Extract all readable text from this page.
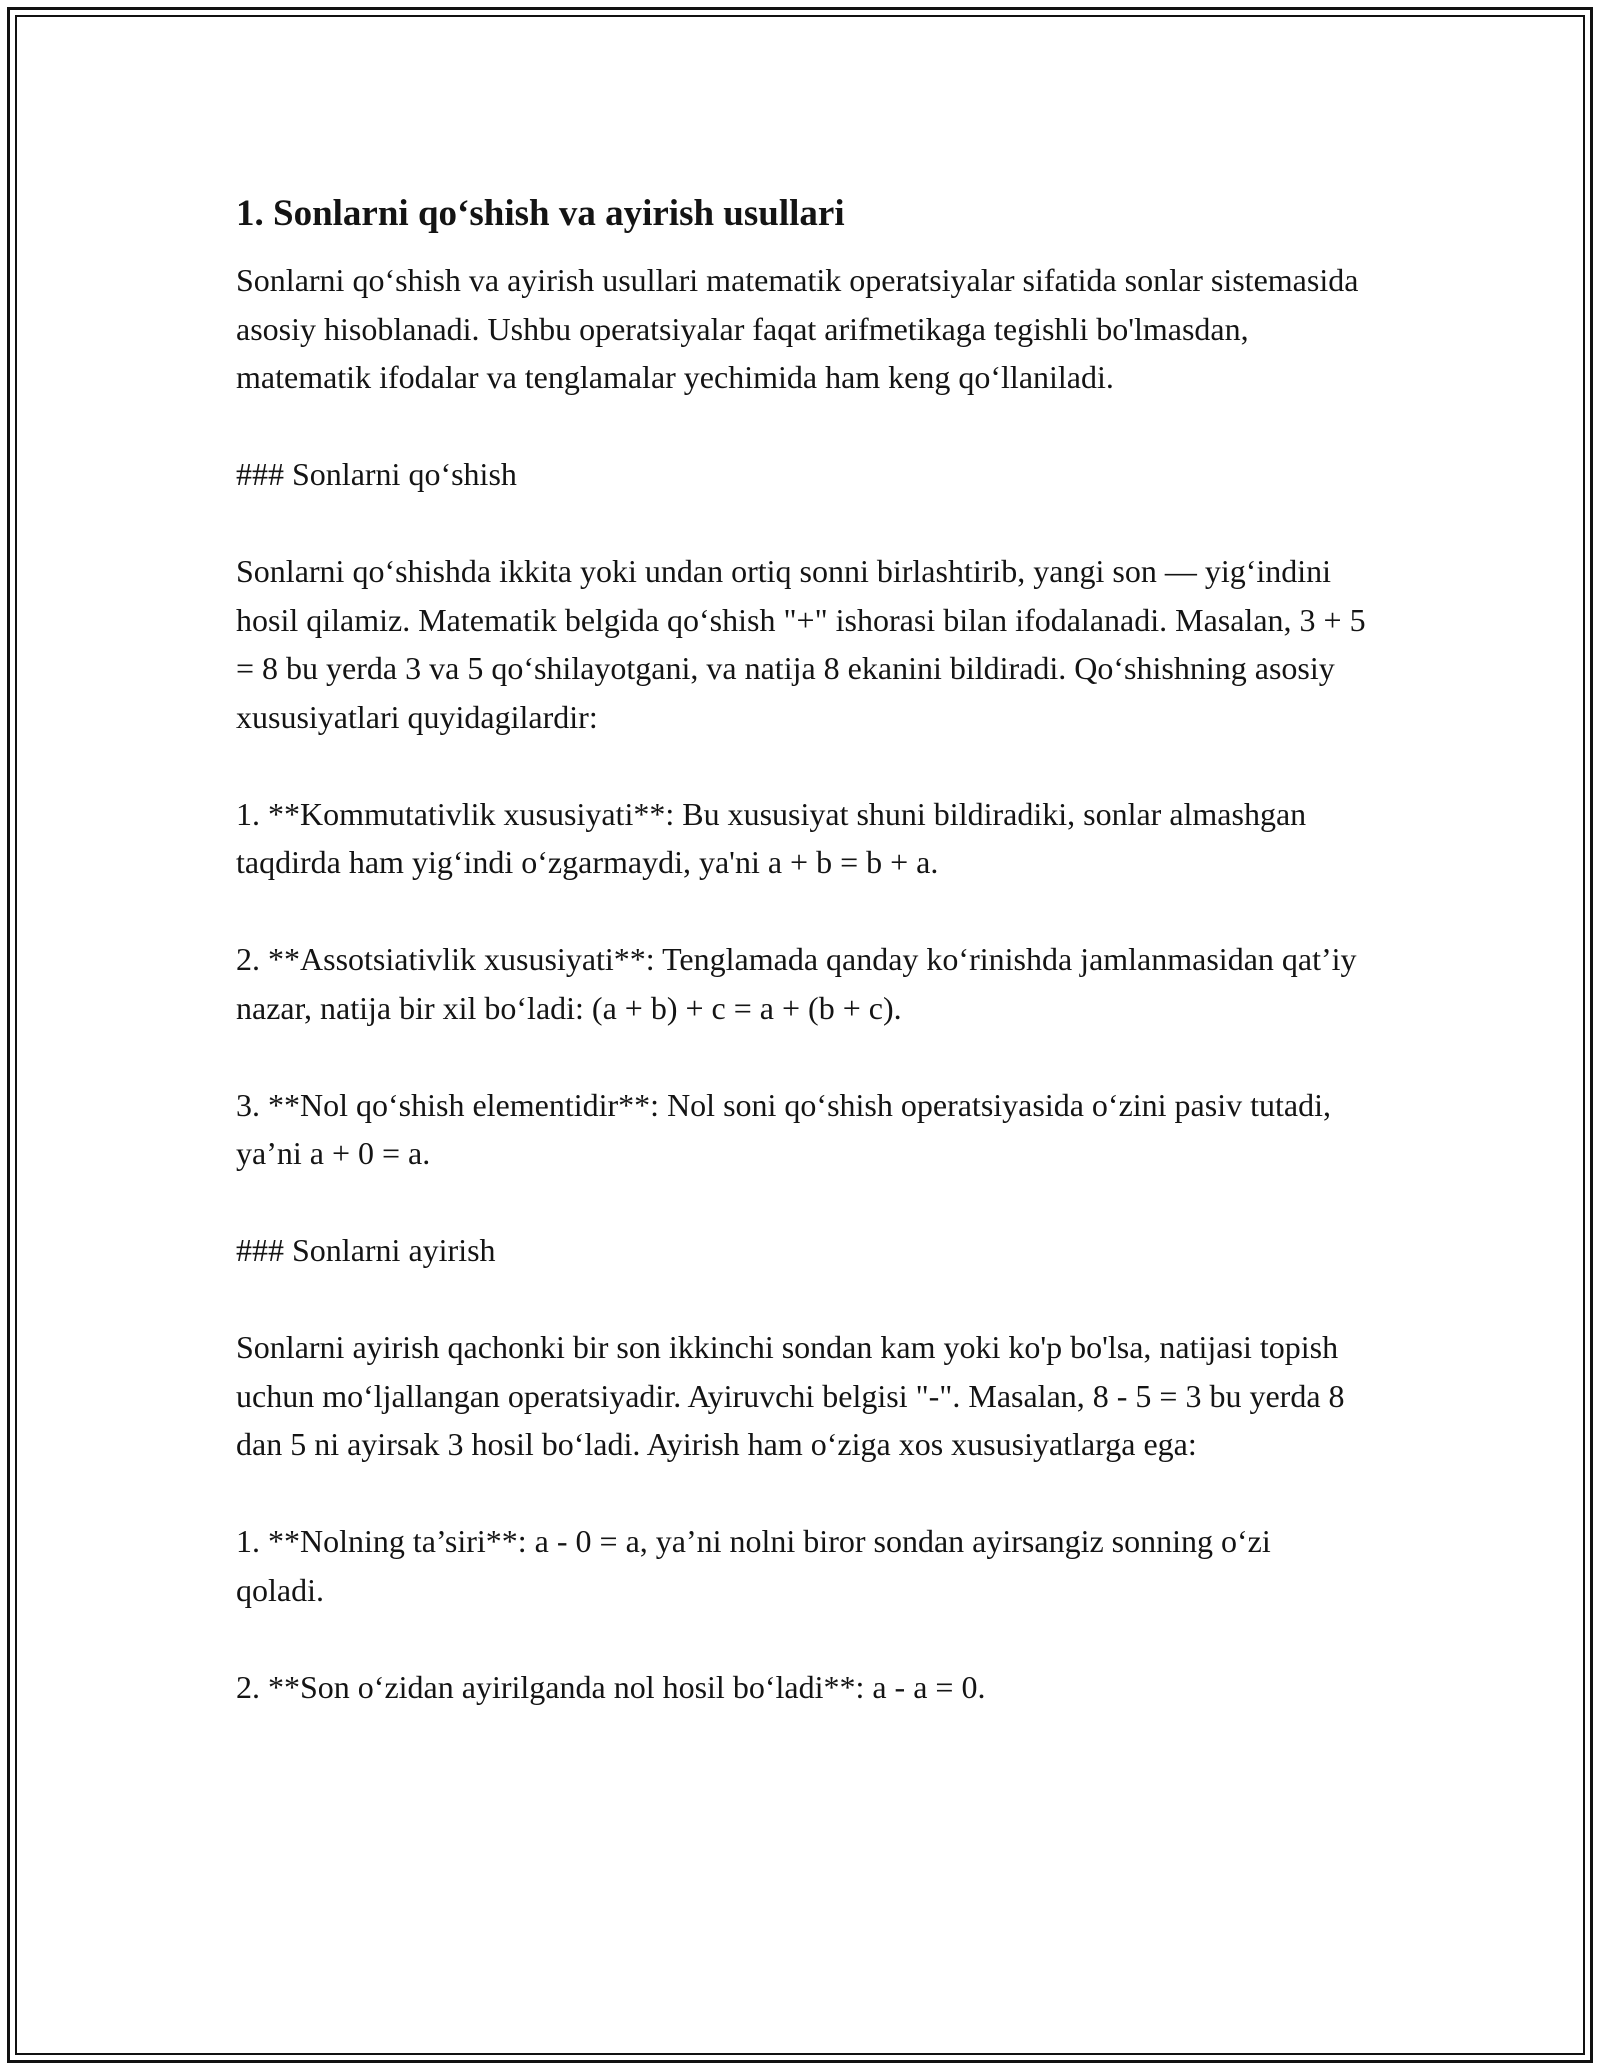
1. Sonlarni qo‘shish va ayirish usullari

Sonlarni qo‘shish va ayirish usullari matematik operatsiyalar sifatida sonlar sistemasida asosiy hisoblanadi. Ushbu operatsiyalar faqat arifmetikaga tegishli bo'lmasdan, matematik ifodalar va tenglamalar yechimida ham keng qo‘llaniladi.

### Sonlarni qo‘shish

Sonlarni qo‘shishda ikkita yoki undan ortiq sonni birlashtirib, yangi son — yig‘indini hosil qilamiz. Matematik belgida qo‘shish "+" ishorasi bilan ifodalanadi. Masalan, 3 + 5 = 8 bu yerda 3 va 5 qo‘shilayotgani, va natija 8 ekanini bildiradi. Qo‘shishning asosiy xususiyatlari quyidagilardir:

1. **Kommutativlik xususiyati**: Bu xususiyat shuni bildiradiki, sonlar almashgan taqdirda ham yig‘indi o‘zgarmaydi, ya'ni a + b = b + a.

2. **Assotsiativlik xususiyati**: Tenglamada qanday ko‘rinishda jamlanmasidan qat’iy nazar, natija bir xil bo‘ladi: (a + b) + c = a + (b + c).

3. **Nol qo‘shish elementidir**: Nol soni qo‘shish operatsiyasida o‘zini pasiv tutadi, ya’ni a + 0 = a.

### Sonlarni ayirish

Sonlarni ayirish qachonki bir son ikkinchi sondan kam yoki ko'p bo'lsa, natijasi topish uchun mo‘ljallangan operatsiyadir. Ayiruvchi belgisi "-". Masalan, 8 - 5 = 3 bu yerda 8 dan 5 ni ayirsak 3 hosil bo‘ladi. Ayirish ham o‘ziga xos xususiyatlarga ega:

1. **Nolning ta’siri**: a - 0 = a, ya’ni nolni biror sondan ayirsangiz sonning o‘zi qoladi.

2. **Son o‘zidan ayirilganda nol hosil bo‘ladi**: a - a = 0.
